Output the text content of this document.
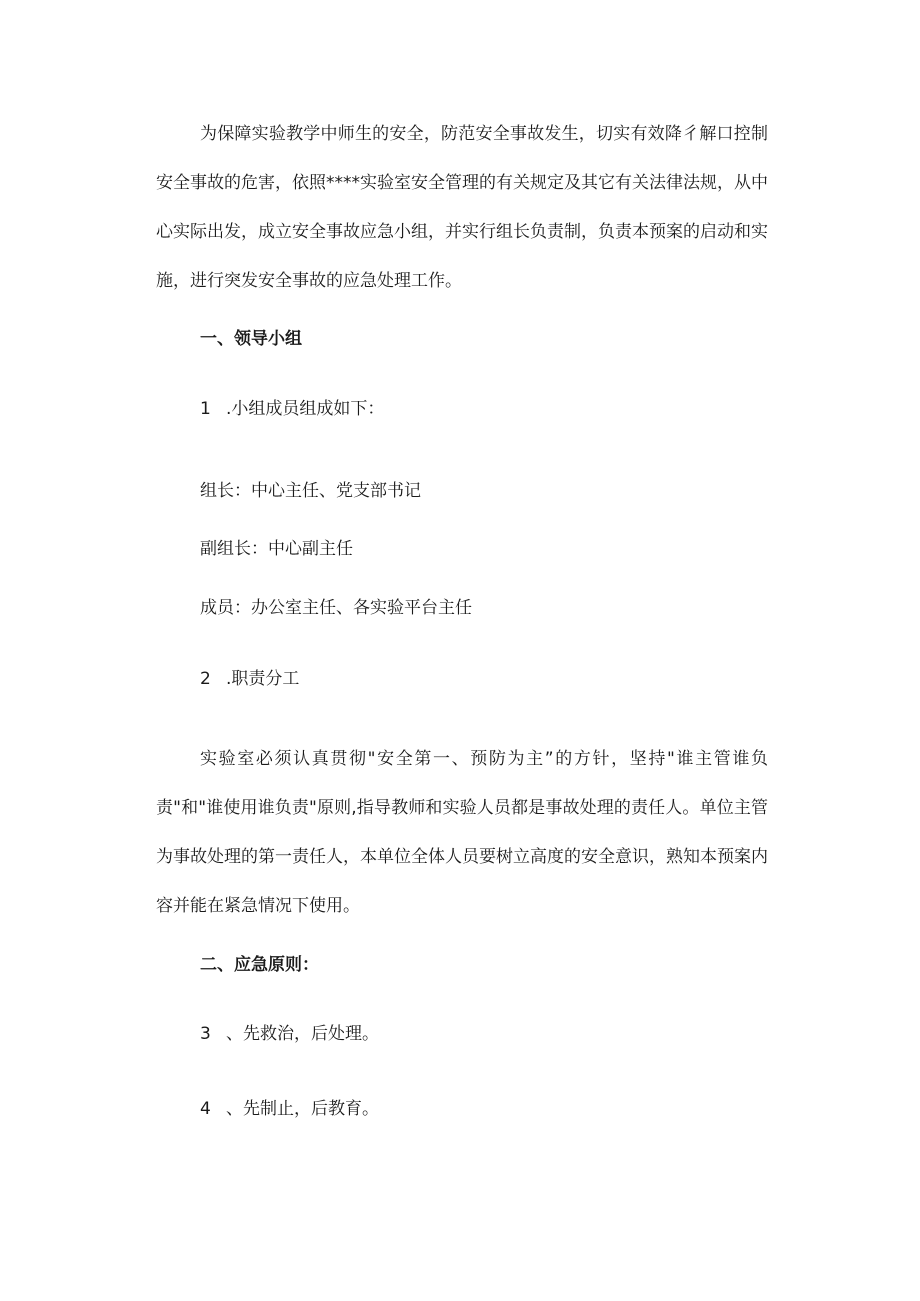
为保障实验教学中师生的安全，防范安全事故发生，切实有效降彳解口控制安全事故的危害，依照****实验室安全管理的有关规定及其它有关法律法规，从中心实际出发，成立安全事故应急小组，并实行组长负责制，负责本预案的启动和实施，进行突发安全事故的应急处理工作。

一、领导小组

1 .小组成员组成如下：

组长：中心主任、党支部书记

副组长：中心副主任

成员：办公室主任、各实验平台主任

2 .职责分工

实验室必须认真贯彻"安全第一、预防为主”的方针，坚持"谁主管谁负责"和"谁使用谁负责"原则,指导教师和实验人员都是事故处理的责任人。单位主管为事故处理的第一责任人，本单位全体人员要树立高度的安全意识，熟知本预案内容并能在紧急情况下使用。

二、应急原则：

3 、先救治，后处理。

4 、先制止，后教育。
